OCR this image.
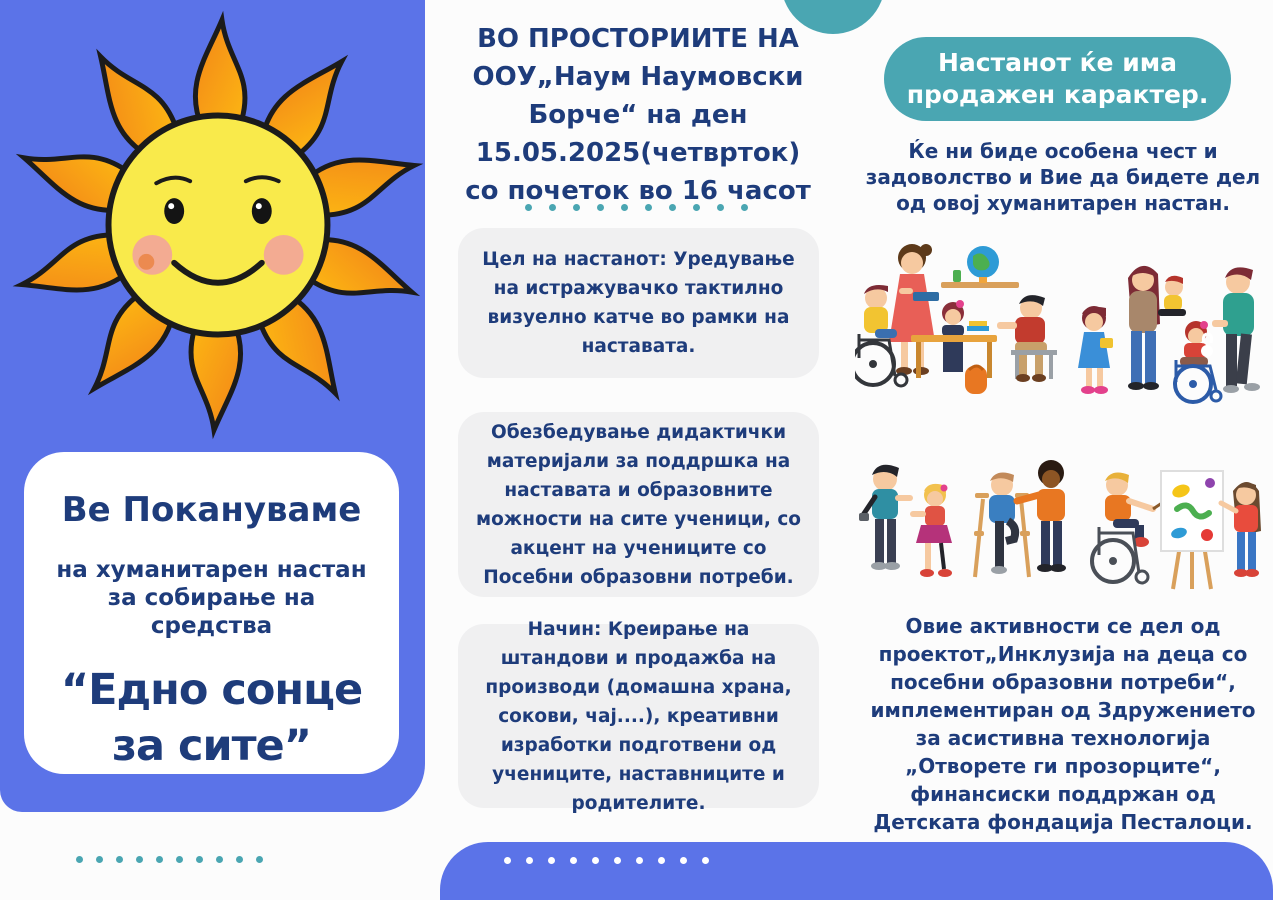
Ве Покануваме
на хуманитарен настан
за собирање на
средства
“Едно сонце
за сите”
ВО ПРОСТОРИИТЕ НА
ООУ„Наум Наумовски
Борче“ на ден
15.05.2025(четврток)
со почеток во 16 часот

Цел на настанот: Уредување на истражувачко тактилно визуелно катче во рамки на наставата.

Обезбедување дидактички материјали за поддршка на наставата и образовните можности на сите ученици, со акцент на учениците со Посебни образовни потреби.

Начин: Креирање на штандови и продажба на производи (домашна храна, сокови, чај....), креативни изработки подготвени од учениците, наставниците и родителите.

Настанот ќе има
продажен карактер.

Ќе ни биде особена чест и задоволство и Вие да бидете дел од овој хуманитарен настан.

Овие активности се дел од проектот„Инклузија на деца со посебни образовни потреби“, имплементиран од Здружението за асистивна технологија „Отворете ги прозорците“, финансиски поддржан од Детската фондација Песталоци.
